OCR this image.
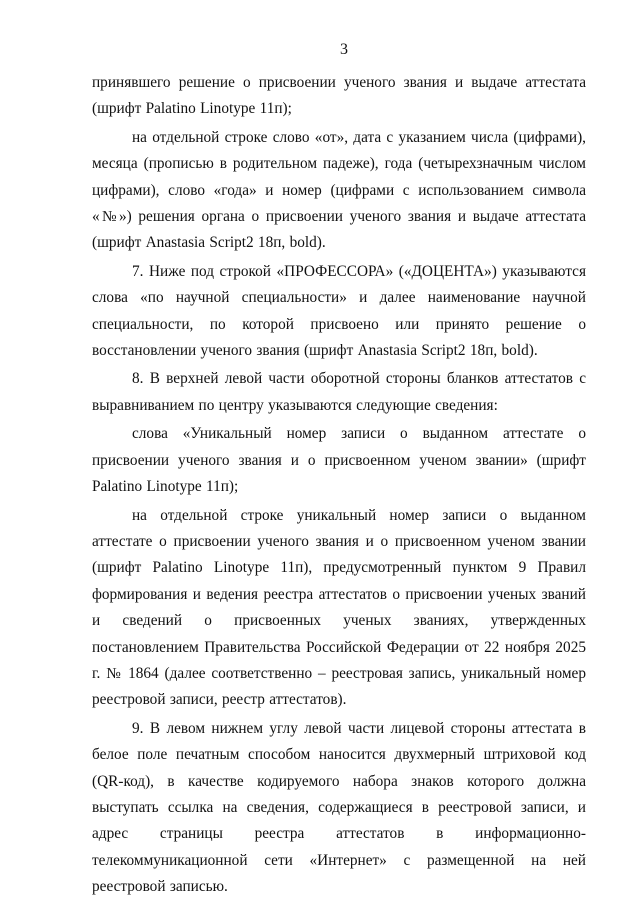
3

принявшего решение о присвоении ученого звания и выдаче аттестата (шрифт Palatino Linotype 11п);

на отдельной строке слово «от», дата с указанием числа (цифрами), месяца (прописью в родительном падеже), года (четырехзначным числом цифрами), слово «года» и номер (цифрами с использованием символа «№») решения органа о присвоении ученого звания и выдаче аттестата (шрифт Anastasia Script2 18п, bold).

7. Ниже под строкой «ПРОФЕССОРА» («ДОЦЕНТА») указываются слова «по научной специальности» и далее наименование научной специальности, по которой присвоено или принято решение о восстановлении ученого звания (шрифт Anastasia Script2 18п, bold).

8. В верхней левой части оборотной стороны бланков аттестатов с выравниванием по центру указываются следующие сведения:

слова «Уникальный номер записи о выданном аттестате о присвоении ученого звания и о присвоенном ученом звании» (шрифт Palatino Linotype 11п);

на отдельной строке уникальный номер записи о выданном аттестате о присвоении ученого звания и о присвоенном ученом звании (шрифт Palatino Linotype 11п), предусмотренный пунктом 9 Правил формирования и ведения реестра аттестатов о присвоении ученых званий и сведений о присвоенных ученых званиях, утвержденных постановлением Правительства Российской Федерации от 22 ноября 2025 г. № 1864 (далее соответственно – реестровая запись, уникальный номер реестровой записи, реестр аттестатов).

9. В левом нижнем углу левой части лицевой стороны аттестата в белое поле печатным способом наносится двухмерный штриховой код (QR-код), в качестве кодируемого набора знаков которого должна выступать ссылка на сведения, содержащиеся в реестровой записи, и адрес страницы реестра аттестатов в информационно-телекоммуникационной сети «Интернет» с размещенной на ней реестровой записью.
